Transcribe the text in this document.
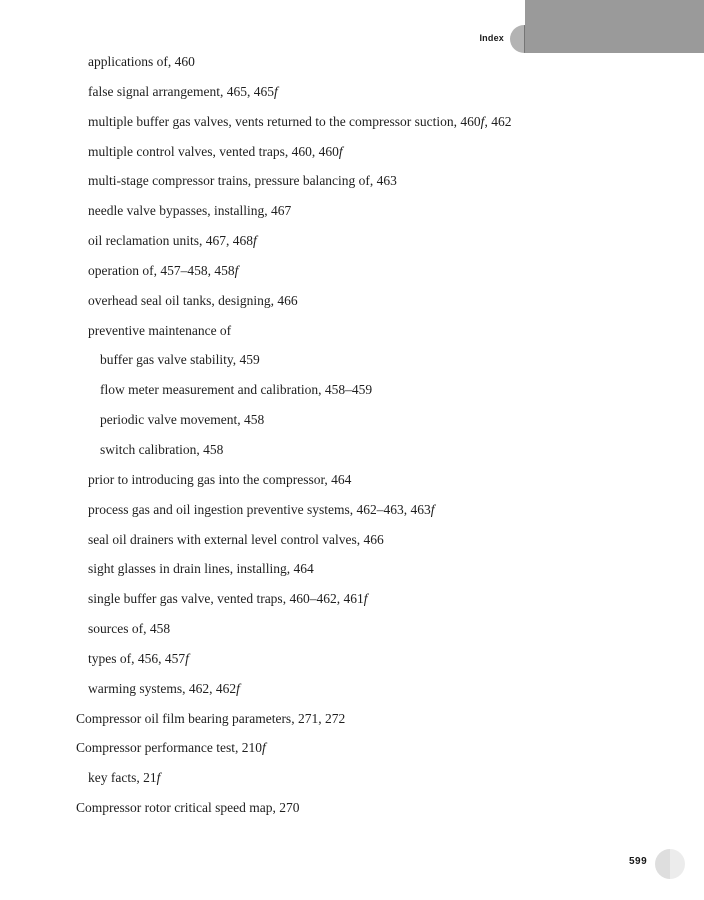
Index
applications of, 460
false signal arrangement, 465, 465f
multiple buffer gas valves, vents returned to the compressor suction, 460f, 462
multiple control valves, vented traps, 460, 460f
multi-stage compressor trains, pressure balancing of, 463
needle valve bypasses, installing, 467
oil reclamation units, 467, 468f
operation of, 457–458, 458f
overhead seal oil tanks, designing, 466
preventive maintenance of
buffer gas valve stability, 459
flow meter measurement and calibration, 458–459
periodic valve movement, 458
switch calibration, 458
prior to introducing gas into the compressor, 464
process gas and oil ingestion preventive systems, 462–463, 463f
seal oil drainers with external level control valves, 466
sight glasses in drain lines, installing, 464
single buffer gas valve, vented traps, 460–462, 461f
sources of, 458
types of, 456, 457f
warming systems, 462, 462f
Compressor oil film bearing parameters, 271, 272
Compressor performance test, 210f
key facts, 21f
Compressor rotor critical speed map, 270
599
